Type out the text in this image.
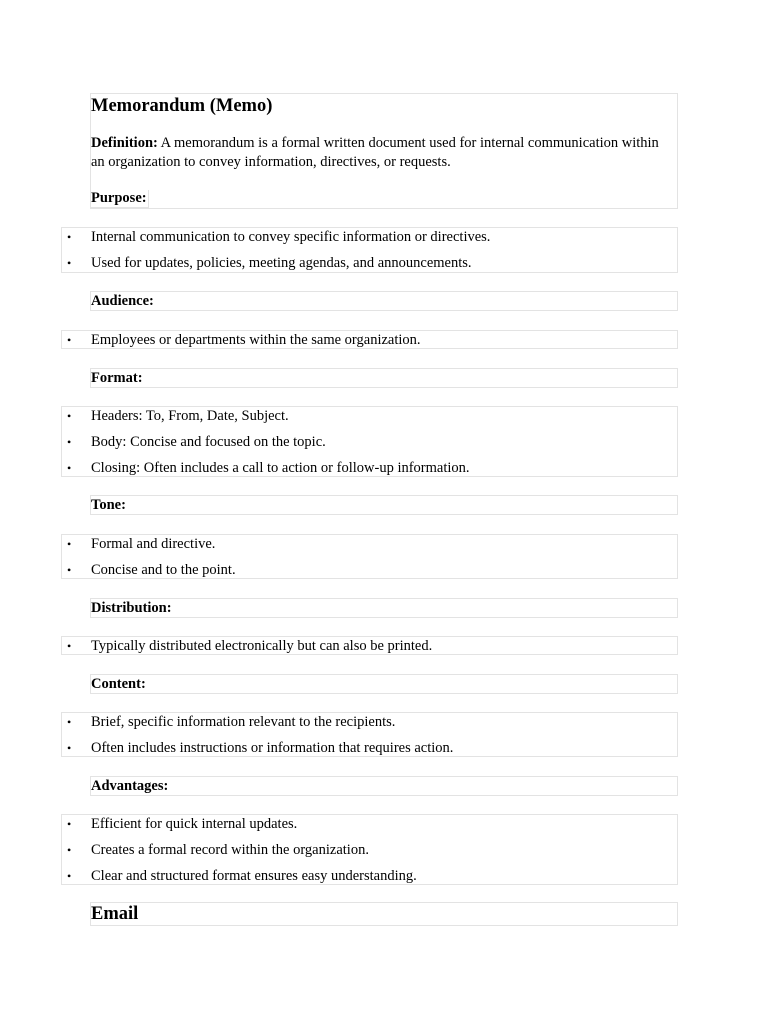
Memorandum (Memo)
Definition: A memorandum is a formal written document used for internal communication within an organization to convey information, directives, or requests.
Purpose:
• Internal communication to convey specific information or directives.
• Used for updates, policies, meeting agendas, and announcements.
Audience:
• Employees or departments within the same organization.
Format:
• Headers: To, From, Date, Subject.
• Body: Concise and focused on the topic.
• Closing: Often includes a call to action or follow-up information.
Tone:
• Formal and directive.
• Concise and to the point.
Distribution:
• Typically distributed electronically but can also be printed.
Content:
• Brief, specific information relevant to the recipients.
• Often includes instructions or information that requires action.
Advantages:
• Efficient for quick internal updates.
• Creates a formal record within the organization.
• Clear and structured format ensures easy understanding.
Email
